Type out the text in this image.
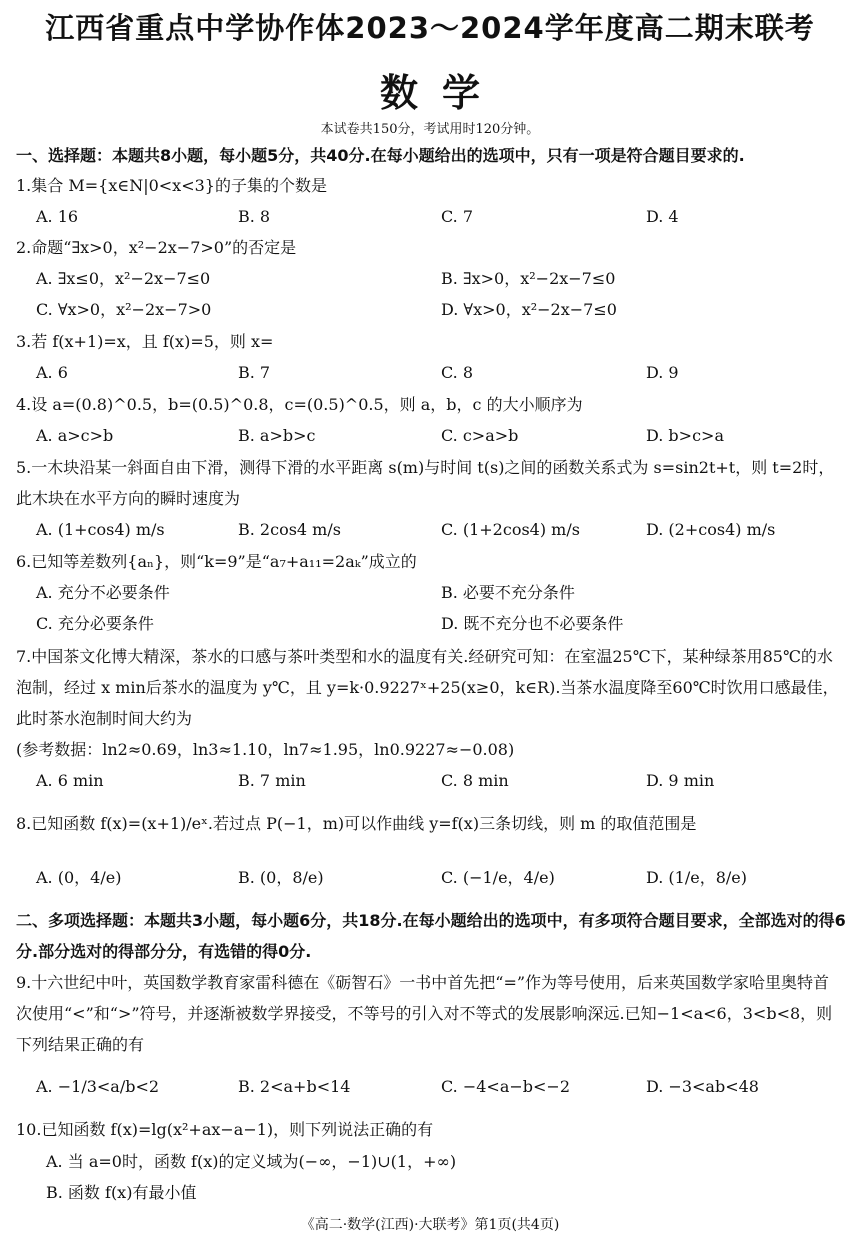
江西省重点中学协作体2023～2024学年度高二期末联考
数学
本试卷共150分，考试用时120分钟。
一、选择题：本题共8小题，每小题5分，共40分.在每小题给出的选项中，只有一项是符合题目要求的.
1.集合 M={x∈N|0<x<3}的子集的个数是
A. 16	B. 8	C. 7	D. 4
2.命题“∃x>0，x²−2x−7>0”的否定是
A. ∃x≤0，x²−2x−7≤0	B. ∃x>0，x²−2x−7≤0
C. ∀x>0，x²−2x−7>0	D. ∀x>0，x²−2x−7≤0
3.若 f(x+1)=x，且 f(x)=5，则 x=
A. 6	B. 7	C. 8	D. 9
4.设 a=(0.8)^0.5，b=(0.5)^0.8，c=(0.5)^0.5，则 a，b，c 的大小顺序为
A. a>c>b	B. a>b>c	C. c>a>b	D. b>c>a
5.一木块沿某一斜面自由下滑，测得下滑的水平距离 s(m)与时间 t(s)之间的函数关系式为 s=sin2t+t，则 t=2时，此木块在水平方向的瞬时速度为
A. (1+cos4) m/s	B. 2cos4 m/s	C. (1+2cos4) m/s	D. (2+cos4) m/s
6.已知等差数列{aₙ}，则“k=9”是“a₇+a₁₁=2aₖ”成立的
A. 充分不必要条件	B. 必要不充分条件
C. 充分必要条件	D. 既不充分也不必要条件
7.中国茶文化博大精深，茶水的口感与茶叶类型和水的温度有关.经研究可知：在室温25℃下，某种绿茶用85℃的水泡制，经过 x min后茶水的温度为 y℃，且 y=k·0.9227ˣ+25(x≥0，k∈R).当茶水温度降至60℃时饮用口感最佳，此时茶水泡制时间大约为
(参考数据：ln2≈0.69，ln3≈1.10，ln7≈1.95，ln0.9227≈−0.08)
A. 6 min	B. 7 min	C. 8 min	D. 9 min
8.已知函数 f(x)=(x+1)/eˣ.若过点 P(−1，m)可以作曲线 y=f(x)三条切线，则 m 的取值范围是
A. (0，4/e)	B. (0，8/e)	C. (−1/e，4/e)	D. (1/e，8/e)
二、多项选择题：本题共3小题，每小题6分，共18分.在每小题给出的选项中，有多项符合题目要求，全部选对的得6分.部分选对的得部分分，有选错的得0分.
9.十六世纪中叶，英国数学教育家雷科德在《砺智石》一书中首先把“=”作为等号使用，后来英国数学家哈里奥特首次使用“<”和“>”符号，并逐渐被数学界接受，不等号的引入对不等式的发展影响深远.已知−1<a<6，3<b<8，则下列结果正确的有
A. −1/3<a/b<2	B. 2<a+b<14	C. −4<a−b<−2	D. −3<ab<48
10.已知函数 f(x)=lg(x²+ax−a−1)，则下列说法正确的有
A. 当 a=0时，函数 f(x)的定义域为(−∞，−1)∪(1，+∞)
B. 函数 f(x)有最小值
《高二·数学(江西)·大联考》第1页(共4页)
